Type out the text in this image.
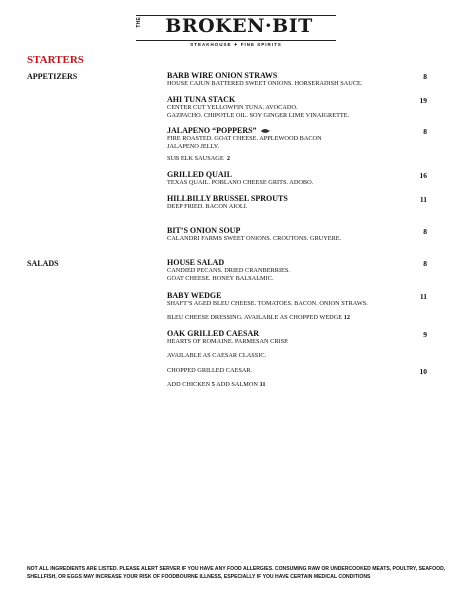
THE	BROKEN·BIT
STEAKHOUSE ✦ FINE SPIRITS
STARTERS
APPETIZERS
SALADS
BARB WIRE ONION STRAWS
HOUSE CAJUN BATTERED SWEET ONIONS. HORSERADISH SAUCE.
8
AHI TUNA STACK
CENTER CUT YELLOWFIN TUNA. AVOCADO.
GAZPACHO. CHIPOTLE OIL. SOY GINGER LIME VINAIGRETTE.
19
JALAPENO “POPPERS”
FIRE ROASTED. GOAT CHEESE. APPLEWOOD BACON
JALAPENO JELLY.
SUB ELK SAUSAGE 2
8
GRILLED QUAIL
TEXAS QUAIL. POBLANO CHEESE GRITS. ADOBO.
16
HILLBILLY BRUSSEL SPROUTS
DEEP FRIED. BACON AIOLI.
11
BIT’S ONION SOUP
CALANDRI FARMS SWEET ONIONS. CROUTONS. GRUYERE.
8
HOUSE SALAD
CANDIED PECANS. DRIED CRANBERRIES.
GOAT CHEESE. HONEY BALSALMIC.
8
BABY WEDGE
SHAFT’S AGED BLEU CHEESE. TOMATOES. BACON. ONION STRAWS.
BLEU CHEESE DRESSING. AVAILABLE AS CHOPPED WEDGE 12
11
OAK GRILLED CAESAR
HEARTS OF ROMAINE. PARMESAN CRISP.
AVAILABLE AS CAESAR CLASSIC.
9
CHOPPED GRILLED CAESAR.	10
ADD CHICKEN 5 ADD SALMON 11
NOT ALL INGREDIENTS ARE LISTED. PLEASE ALERT SERVER IF YOU HAVE ANY FOOD ALLERGIES. CONSUMING RAW OR UNDERCOOKED MEATS, POULTRY, SEAFOOD,
SHELLFISH, OR EGGS MAY INCREASE YOUR RISK OF FOODBOURNE ILLNESS, ESPECIALLY IF YOU HAVE CERTAIN MEDICAL CONDITIONS
